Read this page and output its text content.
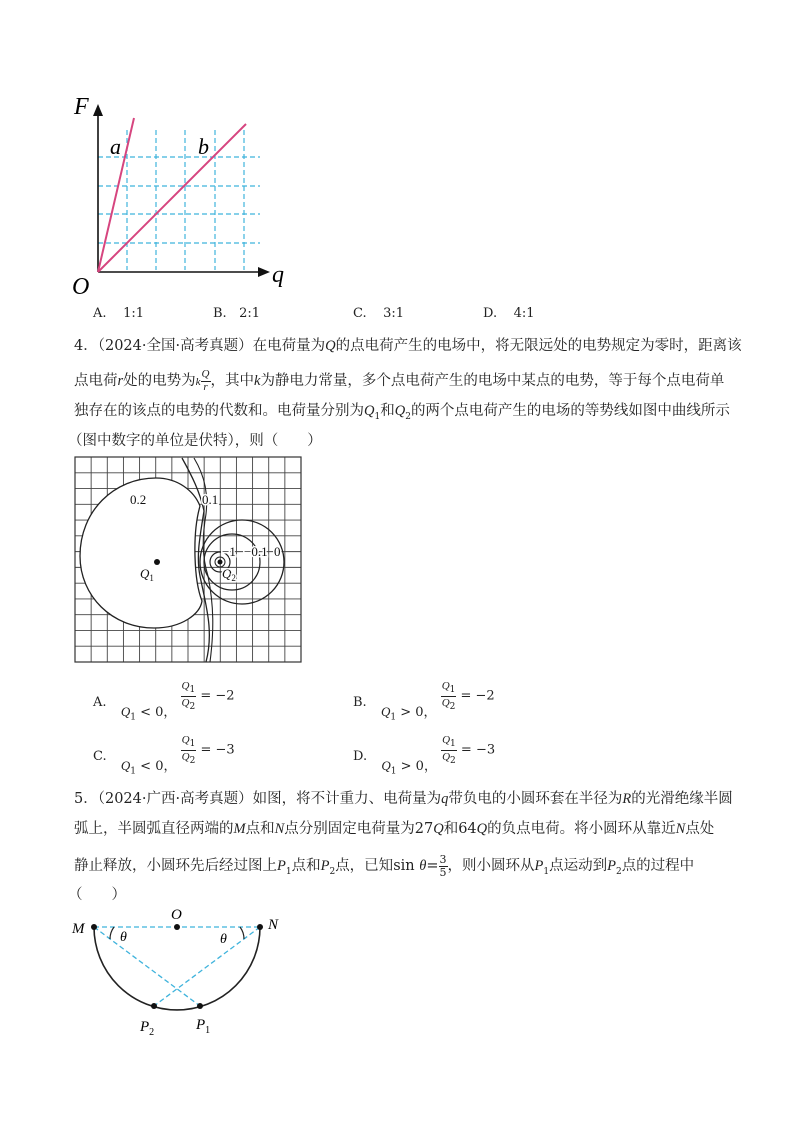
F
q
O
a	b
A. 1:1	B. 2:1	C. 3:1	D. 4:1
4．（2024·全国·高考真题）在电荷量为Q的点电荷产生的电场中，将无限远处的电势规定为零时，距离该
点电荷r处的电势为k $\frac{Q}{r}$ ，其中k为静电力常量，多个点电荷产生的电场中某点的电势，等于每个点电荷单
独存在的该点的电势的代数和。电荷量分别为$Q_1$和$Q_2$的两个点电荷产生的电场的等势线如图中曲线所示
（图中数字的单位是伏特），则（　　）
0.2	0.1
−1 −0.1 0
$Q_1$	$Q_2$
A.  $Q_1 < 0$， $\frac{Q_1}{Q_2} = -2$	B.  $Q_1 > 0$， $\frac{Q_1}{Q_2} = -2$
C.  $Q_1 < 0$， $\frac{Q_1}{Q_2} = -3$	D.  $Q_1 > 0$， $\frac{Q_1}{Q_2} = -3$
5．（2024·广西·高考真题）如图，将不计重力、电荷量为q带负电的小圆环套在半径为R的光滑绝缘半圆
弧上，半圆弧直径两端的M点和N点分别固定电荷量为27Q和64Q的负点电荷。将小圆环从靠近N点处
静止释放，小圆环先后经过图上$P_1$点和$P_2$点，已知$\sin \theta= \frac{3}{5}$ ，则小圆环从$P_1$点运动到$P_2$点的过程中
（　　）
M
O
N
θ	θ
$P_2$	$P_1$
